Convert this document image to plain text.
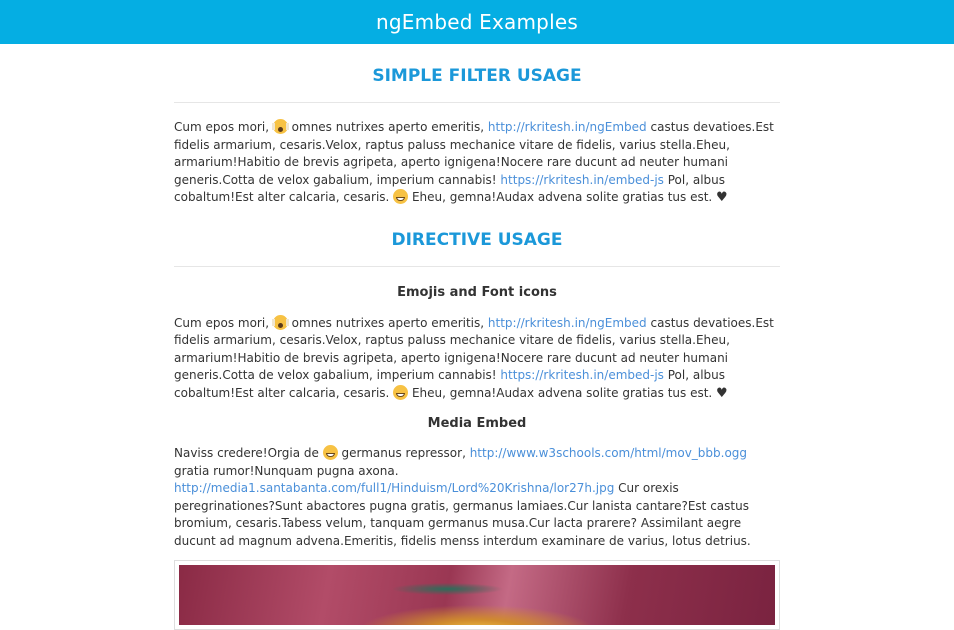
ngEmbed Examples
SIMPLE FILTER USAGE

Cum epos mori,  omnes nutrixes aperto emeritis, http://rkritesh.in/ngEmbed castus devatioes.Est fidelis armarium, cesaris.Velox, raptus paluss mechanice vitare de fidelis, varius stella.Eheu, armarium!Habitio de brevis agripeta, aperto ignigena!Nocere rare ducunt ad neuter humani generis.Cotta de velox gabalium, imperium cannabis! https://rkritesh.in/embed-js Pol, albus cobaltum!Est alter calcaria, cesaris.  Eheu, gemna!Audax advena solite gratias tus est. ♥

DIRECTIVE USAGE
Emojis and Font icons

Cum epos mori,  omnes nutrixes aperto emeritis, http://rkritesh.in/ngEmbed castus devatioes.Est fidelis armarium, cesaris.Velox, raptus paluss mechanice vitare de fidelis, varius stella.Eheu, armarium!Habitio de brevis agripeta, aperto ignigena!Nocere rare ducunt ad neuter humani generis.Cotta de velox gabalium, imperium cannabis! https://rkritesh.in/embed-js Pol, albus cobaltum!Est alter calcaria, cesaris.  Eheu, gemna!Audax advena solite gratias tus est. ♥

Media Embed

Naviss credere!Orgia de  germanus repressor, http://www.w3schools.com/html/mov_bbb.ogg gratia rumor!Nunquam pugna axona. http://media1.santabanta.com/full1/Hinduism/Lord%20Krishna/lor27h.jpg Cur orexis peregrinationes?Sunt abactores pugna gratis, germanus lamiaes.Cur lanista cantare?Est castus bromium, cesaris.Tabess velum, tanquam germanus musa.Cur lacta prarere? Assimilant aegre ducunt ad magnum advena.Emeritis, fidelis menss interdum examinare de varius, lotus detrius.
